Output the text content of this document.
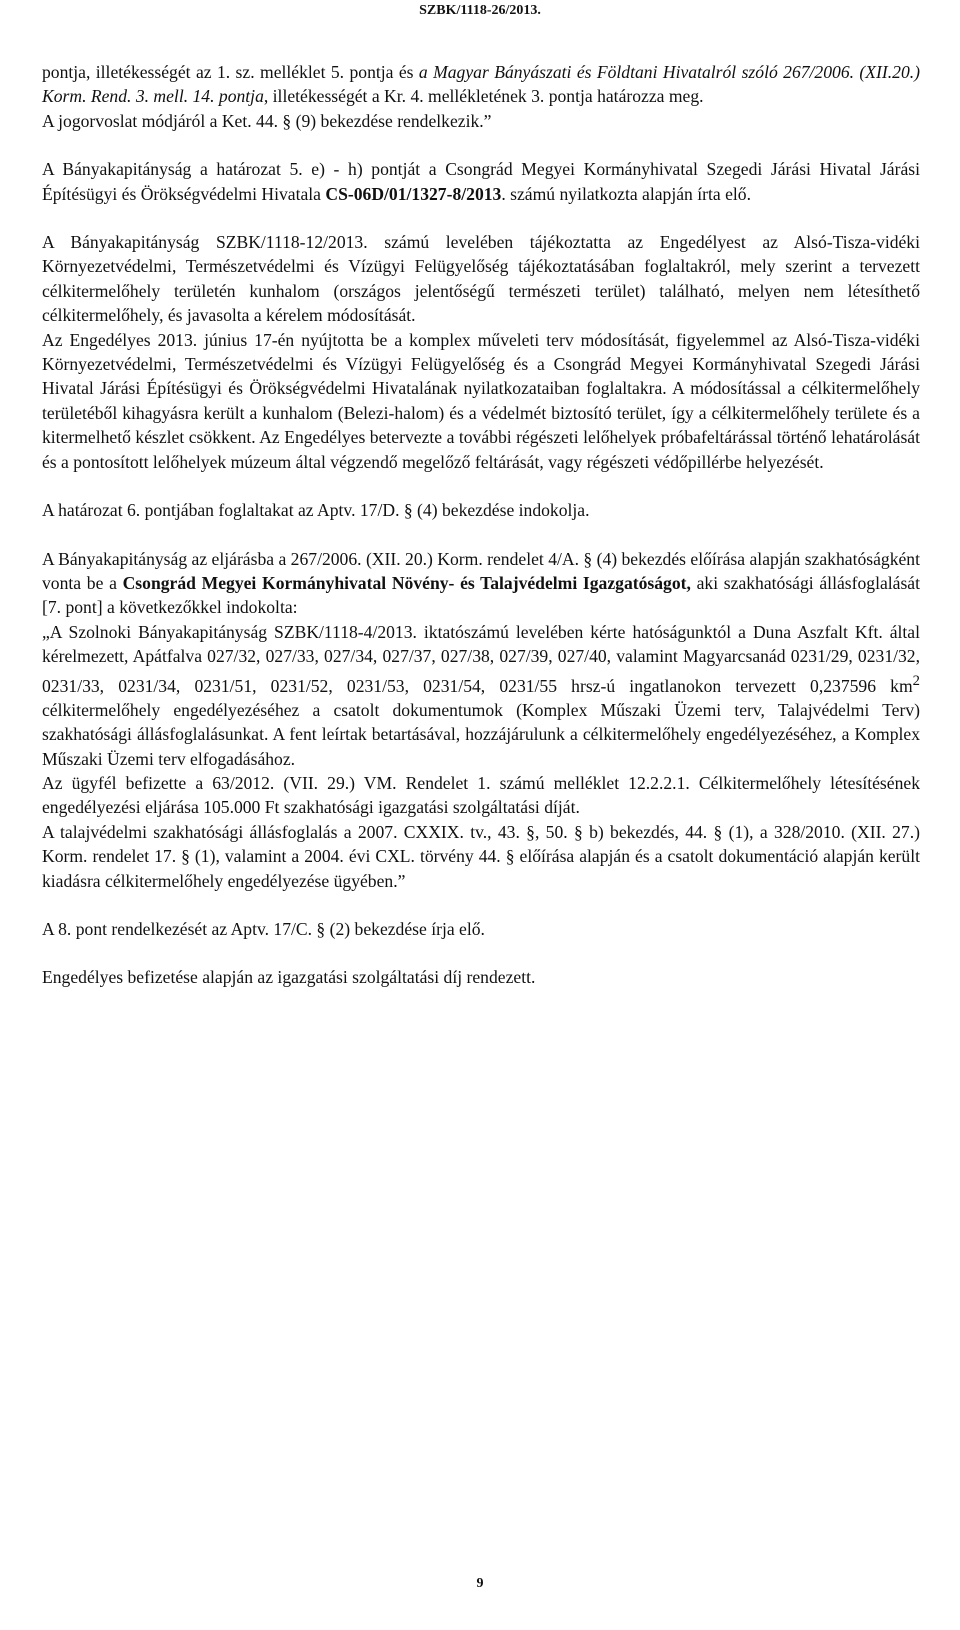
SZBK/1118-26/2013.

pontja, illetékességét az 1. sz. melléklet 5. pontja és a Magyar Bányászati és Földtani Hivatalról szóló 267/2006. (XII.20.) Korm. Rend. 3. mell. 14. pontja, illetékességét a Kr. 4. mellékletének 3. pontja határozza meg.

A jogorvoslat módjáról a Ket. 44. § (9) bekezdése rendelkezik.”

A Bányakapitányság a határozat 5. e) - h) pontját a Csongrád Megyei Kormányhivatal Szegedi Járási Hivatal Járási Építésügyi és Örökségvédelmi Hivatala CS-06D/01/1327-8/2013. számú nyilatkozta alapján írta elő.

A Bányakapitányság SZBK/1118-12/2013. számú levelében tájékoztatta az Engedélyest az Alsó-Tisza-vidéki Környezetvédelmi, Természetvédelmi és Vízügyi Felügyelőség tájékoztatásában foglaltakról, mely szerint a tervezett célkitermelőhely területén kunhalom (országos jelentőségű természeti terület) található, melyen nem létesíthető célkitermelőhely, és javasolta a kérelem módosítását.

Az Engedélyes 2013. június 17-én nyújtotta be a komplex műveleti terv módosítását, figyelemmel az Alsó-Tisza-vidéki Környezetvédelmi, Természetvédelmi és Vízügyi Felügyelőség és a Csongrád Megyei Kormányhivatal Szegedi Járási Hivatal Járási Építésügyi és Örökségvédelmi Hivatalának nyilatkozataiban foglaltakra. A módosítással a célkitermelőhely területéből kihagyásra került a kunhalom (Belezi-halom) és a védelmét biztosító terület, így a célkitermelőhely területe és a kitermelhető készlet csökkent. Az Engedélyes betervezte a további régészeti lelőhelyek próbafeltárással történő lehatárolását és a pontosított lelőhelyek múzeum által végzendő megelőző feltárását, vagy régészeti védőpillérbe helyezését.

A határozat 6. pontjában foglaltakat az Aptv. 17/D. § (4) bekezdése indokolja.

A Bányakapitányság az eljárásba a 267/2006. (XII. 20.) Korm. rendelet 4/A. § (4) bekezdés előírása alapján szakhatóságként vonta be a Csongrád Megyei Kormányhivatal Növény- és Talajvédelmi Igazgatóságot, aki szakhatósági állásfoglalását [7. pont] a következőkkel indokolta:

„A Szolnoki Bányakapitányság SZBK/1118-4/2013. iktatószámú levelében kérte hatóságunktól a Duna Aszfalt Kft. által kérelmezett, Apátfalva 027/32, 027/33, 027/34, 027/37, 027/38, 027/39, 027/40, valamint Magyarcsanád 0231/29, 0231/32, 0231/33, 0231/34, 0231/51, 0231/52, 0231/53, 0231/54, 0231/55 hrsz-ú ingatlanokon tervezett 0,237596 $km^2$ célkitermelőhely engedélyezéséhez a csatolt dokumentumok (Komplex Műszaki Üzemi terv, Talajvédelmi Terv) szakhatósági állásfoglalásunkat. A fent leírtak betartásával, hozzájárulunk a célkitermelőhely engedélyezéséhez, a Komplex Műszaki Üzemi terv elfogadásához.

Az ügyfél befizette a 63/2012. (VII. 29.) VM. Rendelet 1. számú melléklet 12.2.2.1. Célkitermelőhely létesítésének engedélyezési eljárása 105.000 Ft szakhatósági igazgatási szolgáltatási díját.

A talajvédelmi szakhatósági állásfoglalás a 2007. CXXIX. tv., 43. §, 50. § b) bekezdés, 44. § (1), a 328/2010. (XII. 27.) Korm. rendelet 17. § (1), valamint a 2004. évi CXL. törvény 44. § előírása alapján és a csatolt dokumentáció alapján került kiadásra célkitermelőhely engedélyezése ügyében.”

A 8. pont rendelkezését az Aptv. 17/C. § (2) bekezdése írja elő.

Engedélyes befizetése alapján az igazgatási szolgáltatási díj rendezett.

9
